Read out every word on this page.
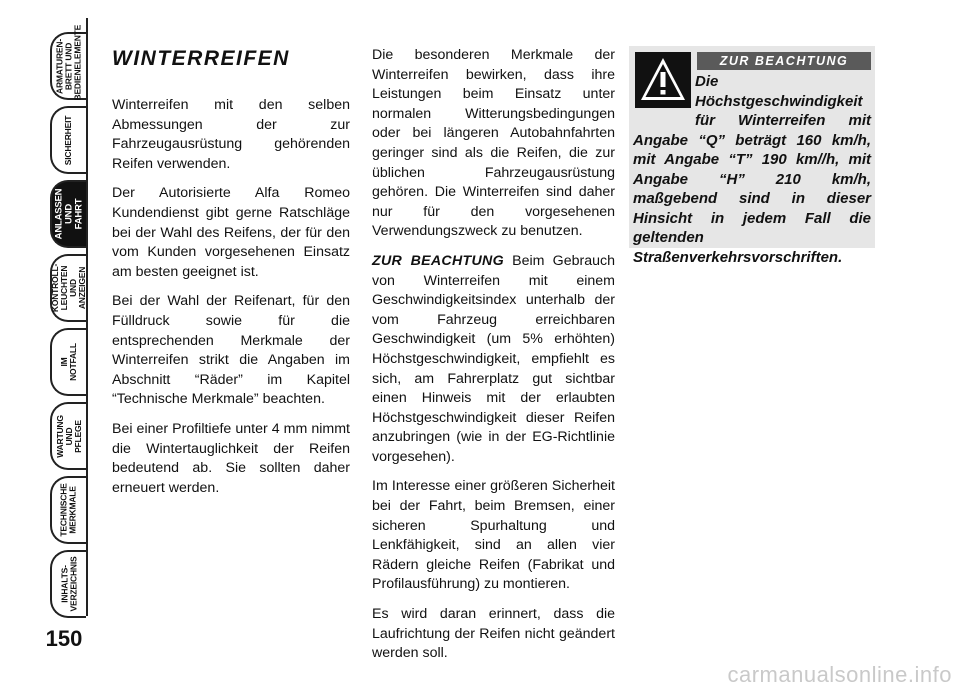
ARMATUREN-
BRETT UND
BEDIENELEMENTE
SICHERHEIT
ANLASSEN
UND FAHRT
KONTROLL-
LEUCHTEN
UND ANZEIGEN
IM NOTFALL
WARTUNG
UND PFLEGE
TECHNISCHE
MERKMALE
INHALTS-
VERZEICHNIS
150
WINTERREIFEN

Winterreifen mit den selben Abmessungen der zur Fahrzeugausrüstung gehörenden Reifen verwenden.

Der Autorisierte Alfa Romeo Kundendienst gibt gerne Ratschläge bei der Wahl des Reifens, der für den vom Kunden vorgesehenen Einsatz am besten geeignet ist.

Bei der Wahl der Reifenart, für den Fülldruck sowie für die entsprechenden Merkmale der Winterreifen strikt die Angaben im Abschnitt “Räder” im Kapitel “Technische Merkmale” beachten.

Bei einer Profiltiefe unter 4 mm nimmt die Wintertauglichkeit der Reifen bedeutend ab. Sie sollten daher erneuert werden.

Die besonderen Merkmale der Winterreifen bewirken, dass ihre Leistungen beim Einsatz unter normalen Witterungsbedingungen oder bei längeren Autobahnfahrten geringer sind als die Reifen, die zur üblichen Fahrzeugausrüstung gehören. Die Winterreifen sind daher nur für den vorgesehenen Verwendungszweck zu benutzen.

ZUR BEACHTUNG Beim Gebrauch von Winterreifen mit einem Geschwindigkeitsindex unterhalb der vom Fahrzeug erreichbaren Geschwindigkeit (um 5% erhöhten) Höchstgeschwindigkeit, empfiehlt es sich, am Fahrerplatz gut sichtbar einen Hinweis mit der erlaubten Höchstgeschwindigkeit dieser Reifen anzubringen (wie in der EG-Richtlinie vorgesehen).

Im Interesse einer größeren Sicherheit bei der Fahrt, beim Bremsen, einer sicheren Spurhaltung und Lenkfähigkeit, sind an allen vier Rädern gleiche Reifen (Fabrikat und Profilausführung) zu montieren.

Es wird daran erinnert, dass die Laufrichtung der Reifen nicht geändert werden soll.

ZUR BEACHTUNG
Die Höchstgeschwindigkeit für Winterreifen mit Angabe “Q” beträgt 160 km/h, mit Angabe “T” 190 km//h, mit Angabe “H” 210 km/h, maßgebend sind in dieser Hinsicht in jedem Fall die geltenden Straßenverkehrsvorschriften.
carmanualsonline.info
